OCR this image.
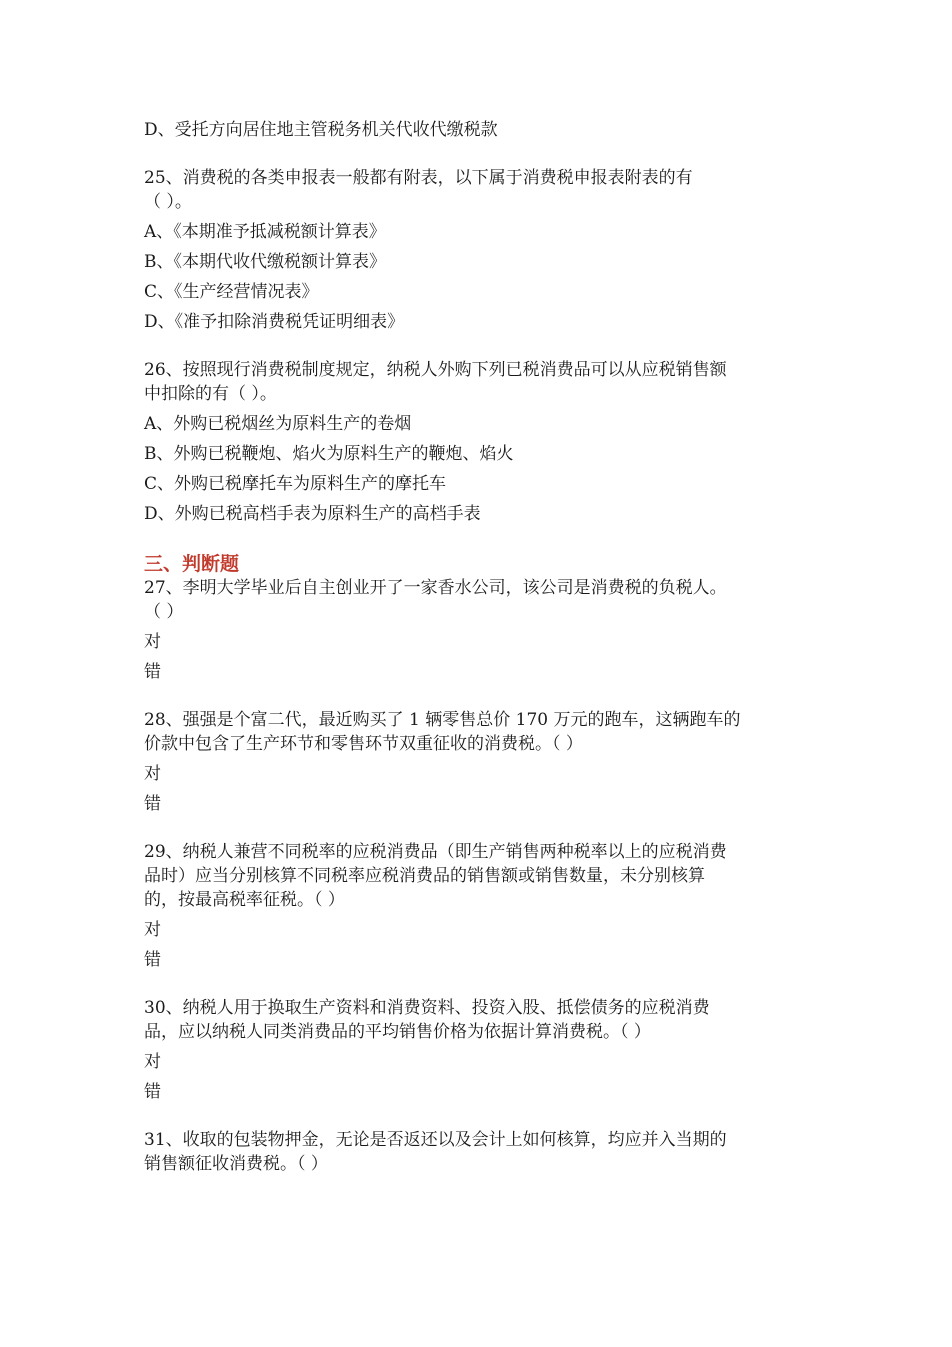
D、受托方向居住地主管税务机关代收代缴税款

25、消费税的各类申报表一般都有附表，以下属于消费税申报表附表的有

（ ）。

A、《本期准予抵减税额计算表》

B、《本期代收代缴税额计算表》

C、《生产经营情况表》

D、《准予扣除消费税凭证明细表》

26、按照现行消费税制度规定，纳税人外购下列已税消费品可以从应税销售额

中扣除的有（ ）。

A、外购已税烟丝为原料生产的卷烟

B、外购已税鞭炮、焰火为原料生产的鞭炮、焰火

C、外购已税摩托车为原料生产的摩托车

D、外购已税高档手表为原料生产的高档手表

三、判断题

27、李明大学毕业后自主创业开了一家香水公司，该公司是消费税的负税人。

（ ）

对

错

28、强强是个富二代，最近购买了 1 辆零售总价 170 万元的跑车，这辆跑车的

价款中包含了生产环节和零售环节双重征收的消费税。（ ）

对

错

29、纳税人兼营不同税率的应税消费品（即生产销售两种税率以上的应税消费

品时）应当分别核算不同税率应税消费品的销售额或销售数量，未分别核算

的，按最高税率征税。（ ）

对

错

30、纳税人用于换取生产资料和消费资料、投资入股、抵偿债务的应税消费

品，应以纳税人同类消费品的平均销售价格为依据计算消费税。（ ）

对

错

31、收取的包装物押金，无论是否返还以及会计上如何核算，均应并入当期的

销售额征收消费税。（ ）
